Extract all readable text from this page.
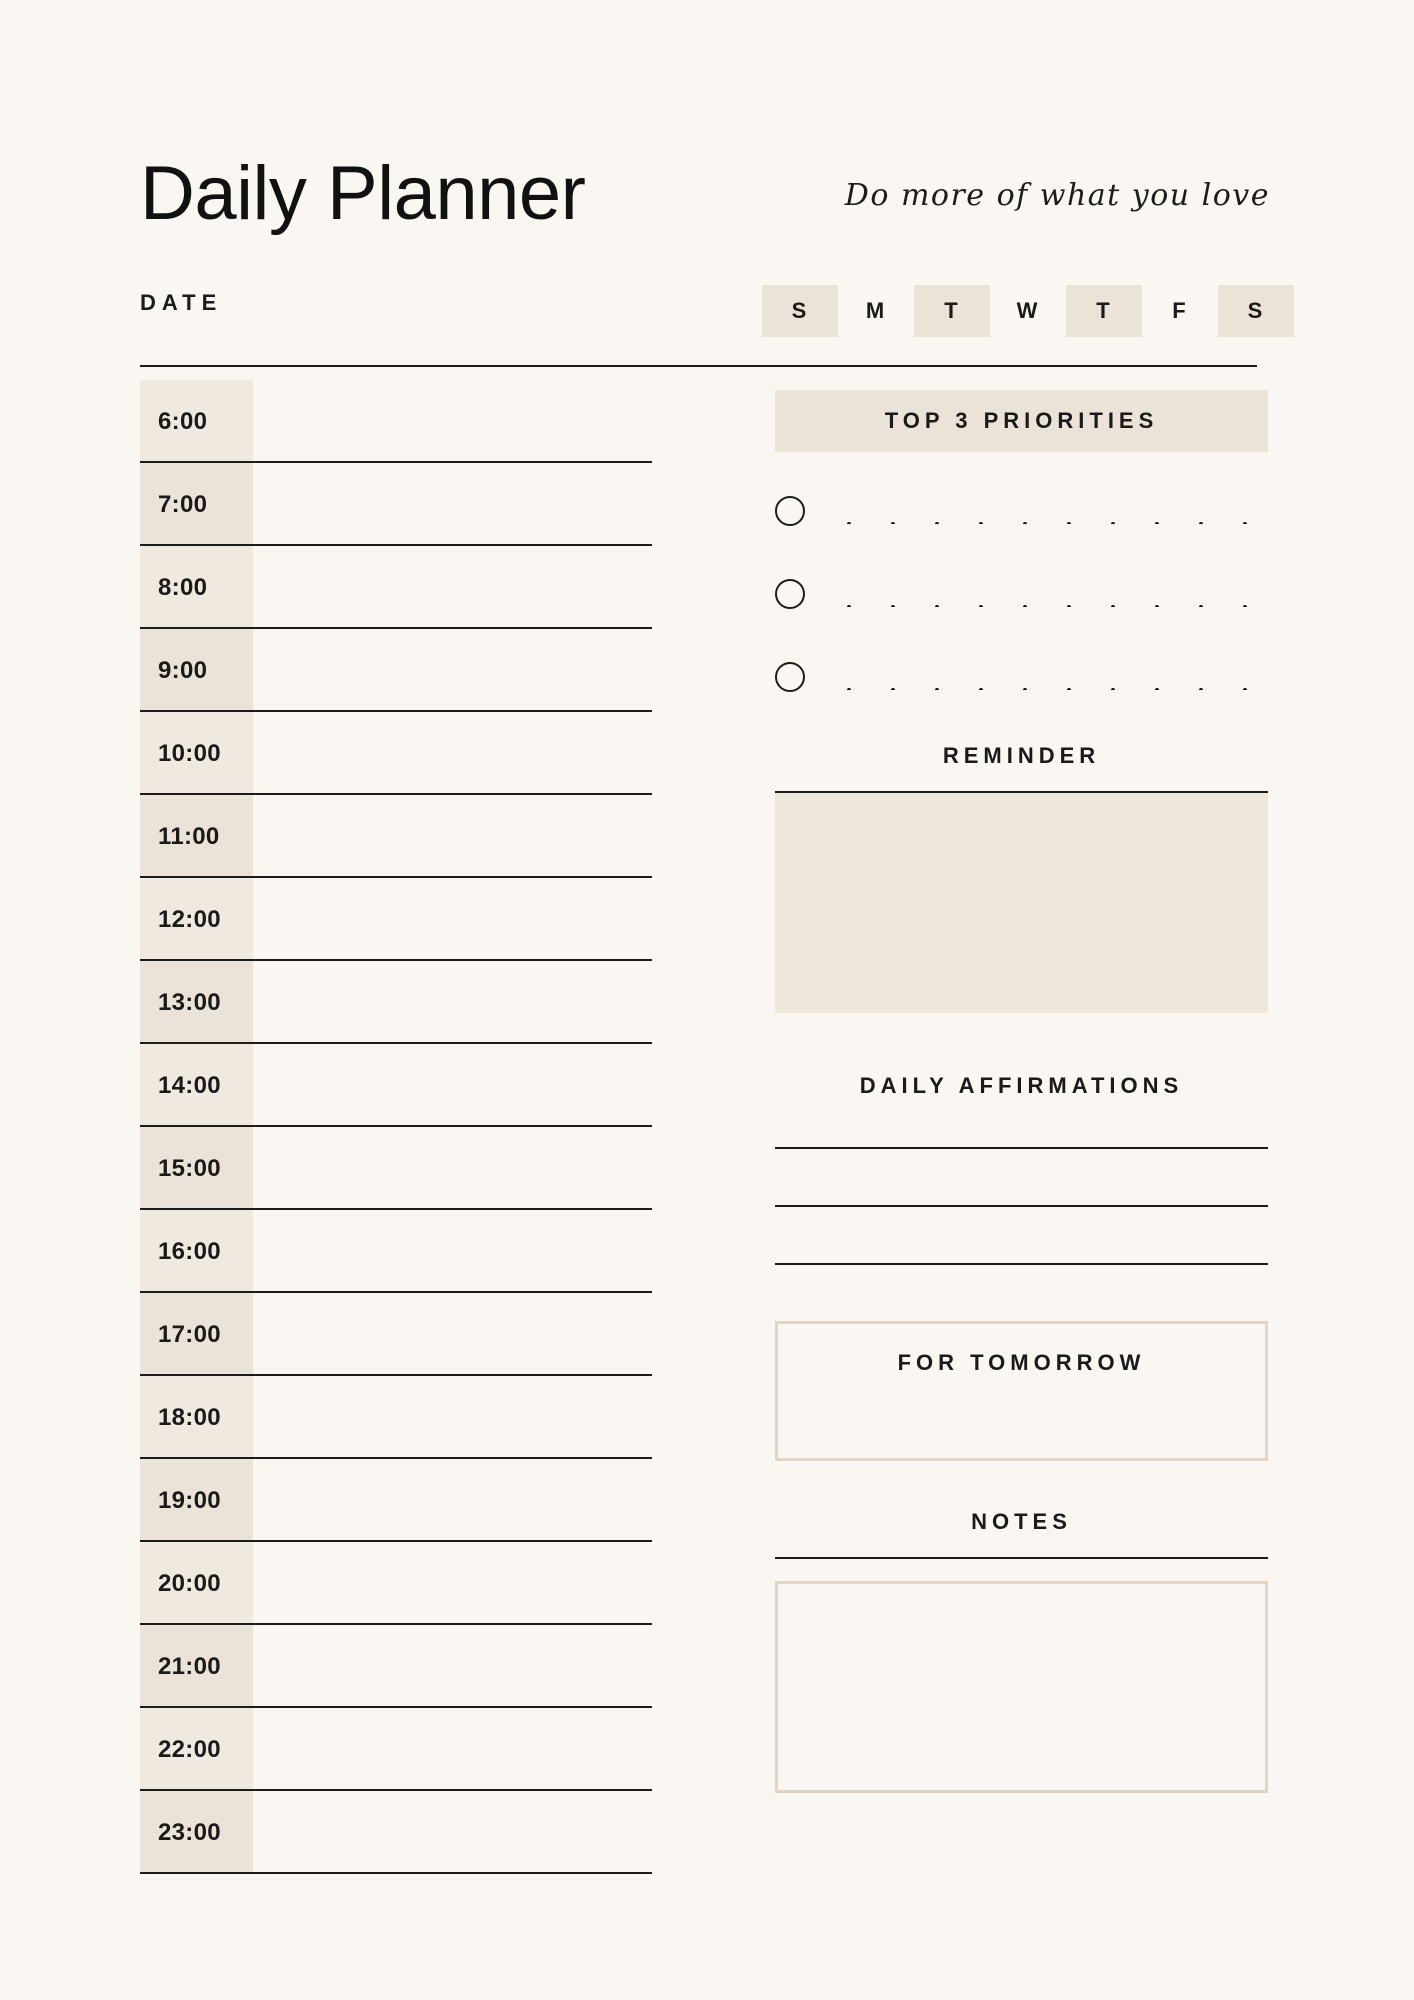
Daily Planner	Do more of what you love
DATE	S	M	T	W	T	F	S
6:00
7:00
8:00
9:00
10:00
11:00
12:00
13:00
14:00
15:00
16:00
17:00
18:00
19:00
20:00
21:00
22:00
23:00
TOP 3 PRIORITIES
REMINDER
DAILY AFFIRMATIONS
FOR TOMORROW
NOTES
